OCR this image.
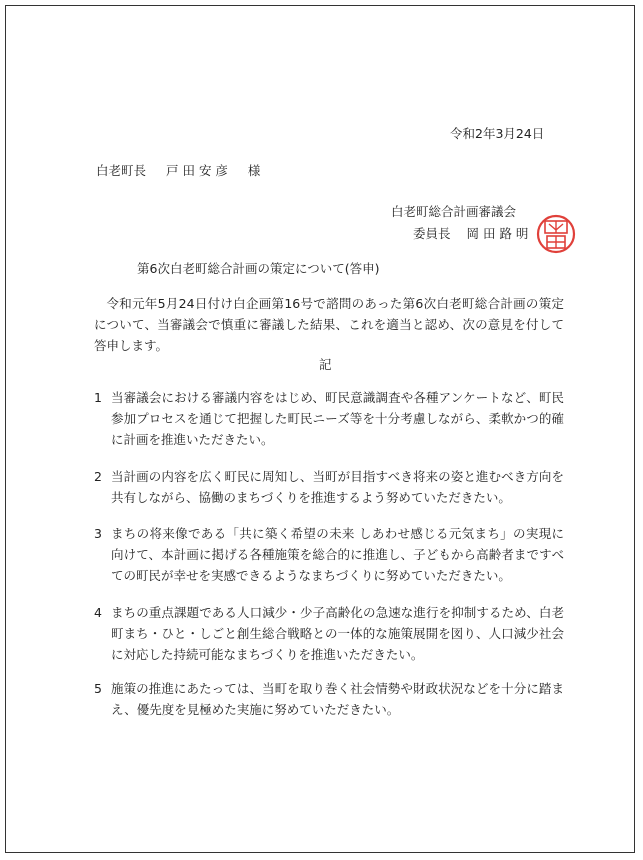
令和2年3月24日
白老町長 戸 田 安 彦 様
白老町総合計画審議会
委員長 岡 田 路 明
第6次白老町総合計画の策定について(答申)
令和元年5月24日付け白企画第16号で諮問のあった第6次白老町総合計画の策定について、当審議会で慎重に審議した結果、これを適当と認め、次の意見を付して答申します。
記
1 当審議会における審議内容をはじめ、町民意識調査や各種アンケートなど、町民参加プロセスを通じて把握した町民ニーズ等を十分考慮しながら、柔軟かつ的確に計画を推進いただきたい。
2 当計画の内容を広く町民に周知し、当町が目指すべき将来の姿と進むべき方向を共有しながら、協働のまちづくりを推進するよう努めていただきたい。
3 まちの将来像である「共に築く希望の未来 しあわせ感じる元気まち」の実現に向けて、本計画に掲げる各種施策を総合的に推進し、子どもから高齢者まですべての町民が幸せを実感できるようなまちづくりに努めていただきたい。
4 まちの重点課題である人口減少・少子高齢化の急速な進行を抑制するため、白老町まち・ひと・しごと創生総合戦略との一体的な施策展開を図り、人口減少社会に対応した持続可能なまちづくりを推進いただきたい。
5 施策の推進にあたっては、当町を取り巻く社会情勢や財政状況などを十分に踏まえ、優先度を見極めた実施に努めていただきたい。
